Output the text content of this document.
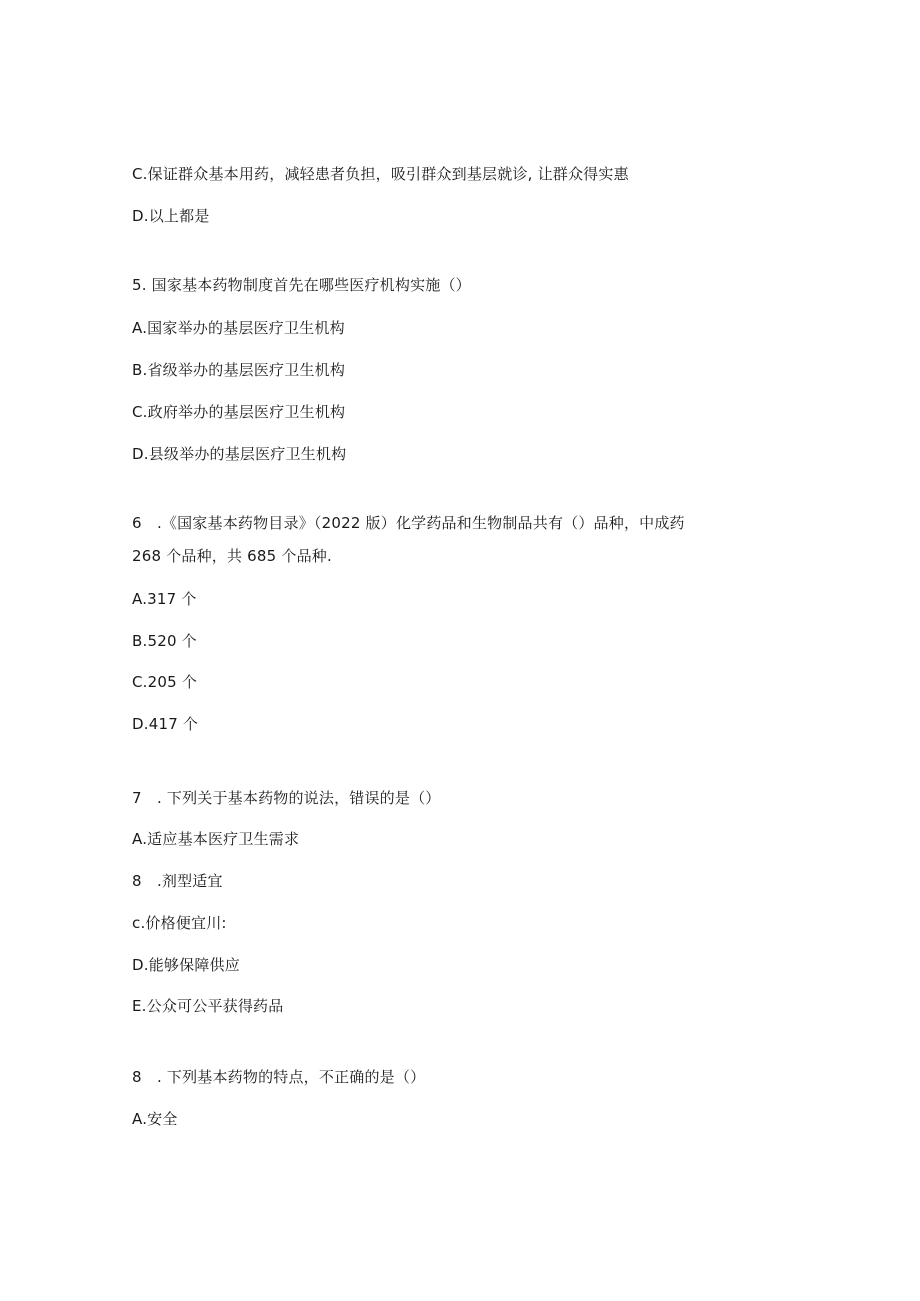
C.保证群众基本用药，减轻患者负担，吸引群众到基层就诊, 让群众得实惠
D.以上都是
5. 国家基本药物制度首先在哪些医疗机构实施（）
A.国家举办的基层医疗卫生机构
B.省级举办的基层医疗卫生机构
C.政府举办的基层医疗卫生机构
D.县级举办的基层医疗卫生机构
6　.《国家基本药物目录》（2022 版）化学药品和生物制品共有（）品种，中成药
268 个品种，共 685 个品种.
A.317 个
B.520 个
C.205 个
D.417 个
7　. 下列关于基本药物的说法，错误的是（）
A.适应基本医疗卫生需求
8　.剂型适宜
c.价格便宜川:
D.能够保障供应
E.公众可公平获得药品
8　. 下列基本药物的特点，不正确的是（）
A.安全
